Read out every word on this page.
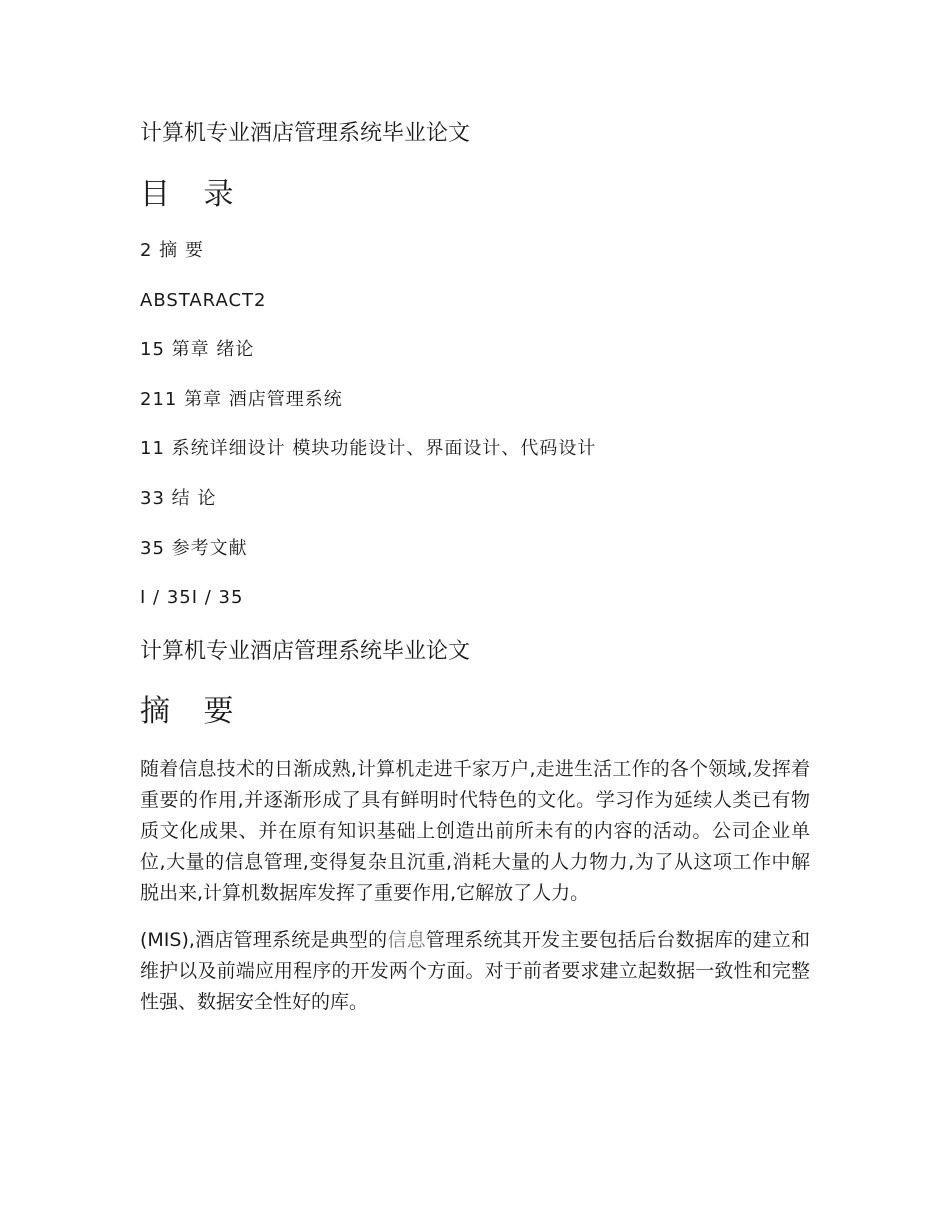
计算机专业酒店管理系统毕业论文
目 录
2 摘 要
ABSTARACT2
15 第章 绪论
211 第章 酒店管理系统
11 系统详细设计 模块功能设计、界面设计、代码设计
33 结 论
35 参考文献
I / 35I / 35
计算机专业酒店管理系统毕业论文
摘 要

随着信息技术的日渐成熟,计算机走进千家万户,走进生活工作的各个领域,发挥着重要的作用,并逐渐形成了具有鲜明时代特色的文化。学习作为延续人类已有物质文化成果、并在原有知识基础上创造出前所未有的内容的活动。公司企业单位,大量的信息管理,变得复杂且沉重,消耗大量的人力物力,为了从这项工作中解脱出来,计算机数据库发挥了重要作用,它解放了人力。

(MIS),酒店管理系统是典型的信息管理系统其开发主要包括后台数据库的建立和维护以及前端应用程序的开发两个方面。对于前者要求建立起数据一致性和完整性强、数据安全性好的库。
